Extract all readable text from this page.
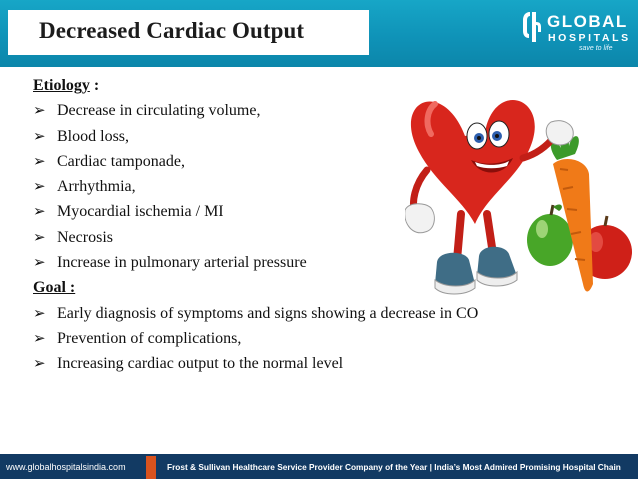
Decreased Cardiac Output	GLOBAL
HOSPITALS
save to life
Etiology :
➢ Decrease in circulating volume,
➢ Blood loss,
➢ Cardiac tamponade,
➢ Arrhythmia,
➢ Myocardial ischemia / MI
➢ Necrosis
➢ Increase in pulmonary arterial pressure
Goal :
➢ Early diagnosis of symptoms and signs showing a decrease in CO
➢ Prevention of complications,
➢ Increasing cardiac output to the normal level
www.globalhospitalsindia.com	Frost & Sullivan Healthcare Service Provider Company of the Year | India’s Most Admired Promising Hospital Chain
